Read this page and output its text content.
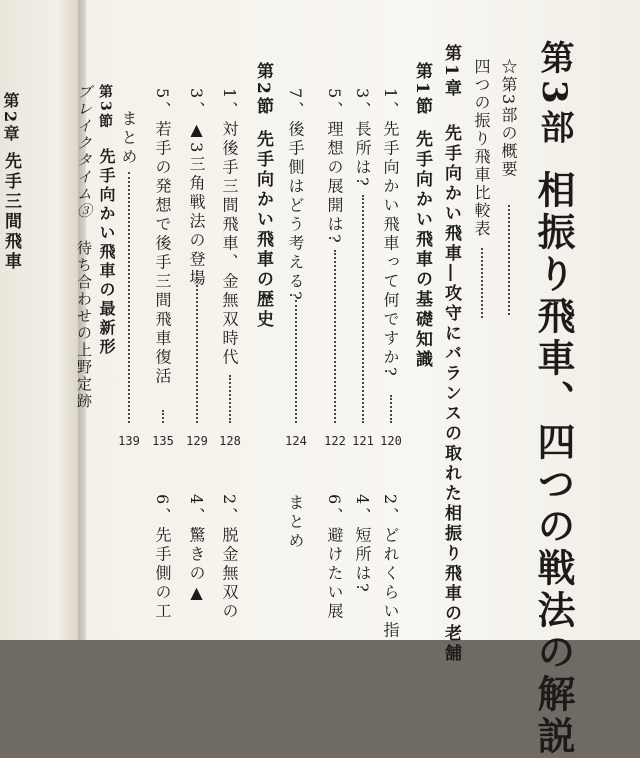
第2章
先手三間飛車
第3部
相振り飛車、四つの戦法の解説
☆第3部の概要
四つの振り飛車比較表
第1章
先手向かい飛車―攻守にバランスの取れた相振り飛車の老舗
第1節
先手向かい飛車の基礎知識
1、先手向かい飛車って何ですか?
120
3、長所は?
121
5、理想の展開は?
122
7、後手側はどう考える?
124
第2節
先手向かい飛車の歴史
1、対後手三間飛車、金無双時代
128
3、▲3三角戦法の登場
129
5、若手の発想で後手三間飛車復活
135
まとめ
139
第3節
先手向かい飛車の最新形
ブレイクタイム③
待ち合わせの上野定跡
2、どれくらい指
4、短所は?
6、避けたい展
まとめ
2、脱金無双の
4、驚きの▲
6、先手側の工
